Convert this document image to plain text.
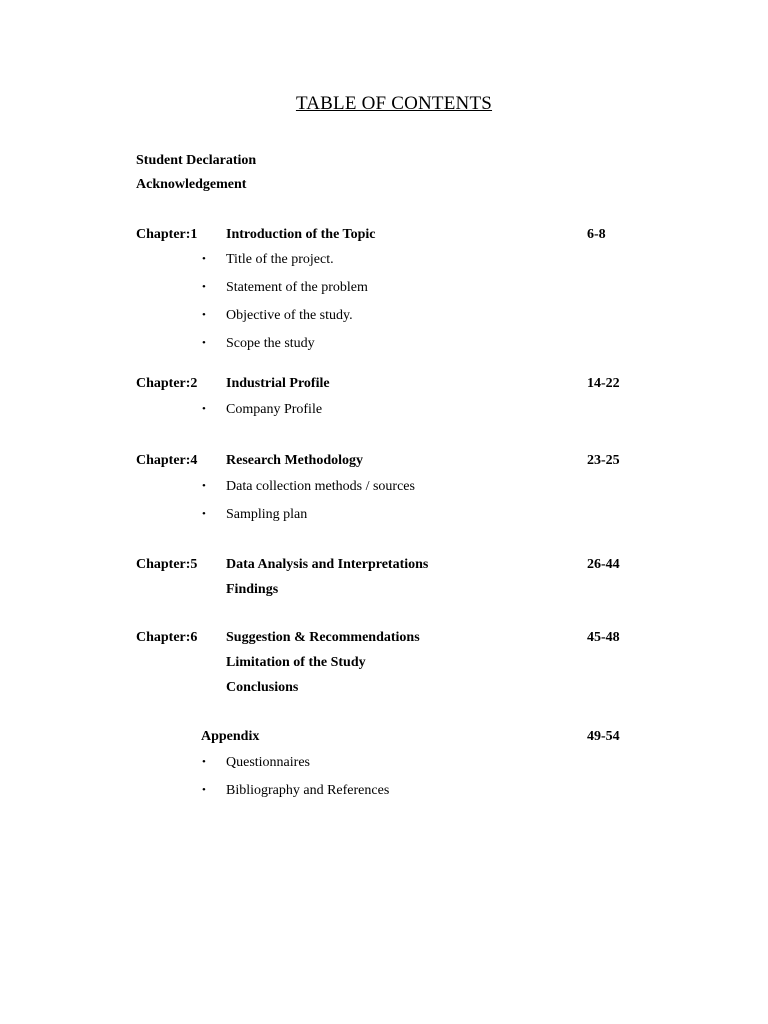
TABLE OF CONTENTS
Student Declaration
Acknowledgement
Chapter:1 Introduction of the Topic	6-8
• Title of the project.
• Statement of the problem
• Objective of the study.
• Scope the study
Chapter:2 Industrial Profile	14-22
• Company Profile
Chapter:4 Research Methodology	23-25
• Data collection methods / sources
• Sampling plan
Chapter:5 Data Analysis and Interpretations	26-44
Findings
Chapter:6 Suggestion & Recommendations	45-48
Limitation of the Study
Conclusions
Appendix	49-54
• Questionnaires
• Bibliography and References
